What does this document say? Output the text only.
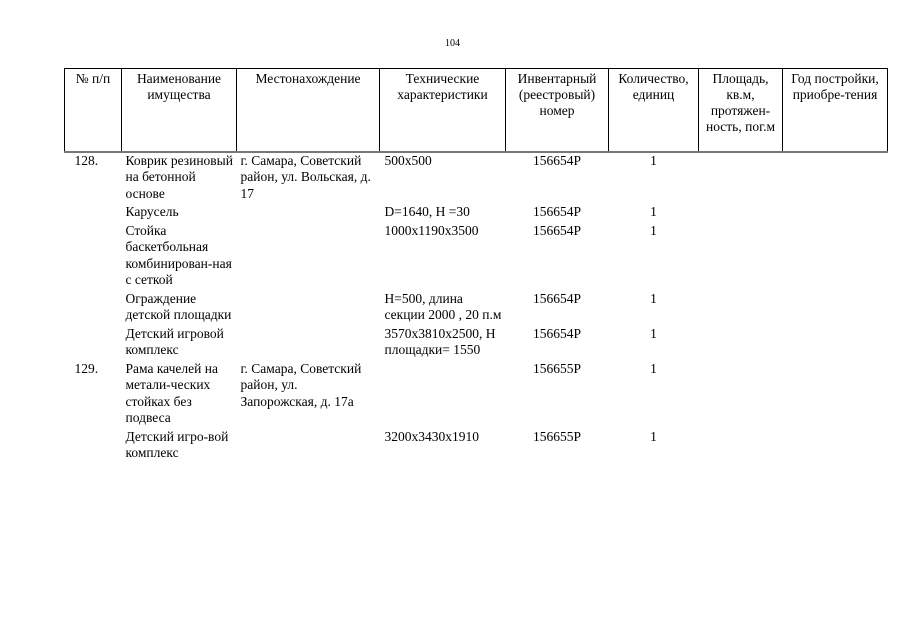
104
№ п/п	Наименование имущества	Местонахождение	Технические характеристики	Инвентарный (реестровый) номер	Количество, единиц	Площадь, кв.м, протяжен-ность, пог.м	Год постройки, приобре-тения
128.	Коврик резиновый на бетонной основе	г. Самара, Советский район, ул. Вольская, д. 17	500х500	156654Р	1		
	Карусель		D=1640, H =30	156654Р	1		
	Стойка баскетбольная комбинирован-ная с сеткой		1000х1190х3500	156654Р	1		
	Ограждение детской площадки		H=500, длина секции 2000 , 20 п.м	156654Р	1		
	Детский игровой комплекс		3570х3810х2500, H площадки= 1550	156654Р	1		
129.	Рама качелей на метали-ческих стойках без подвеса	г. Самара, Советский район, ул. Запорожская, д. 17а		156655Р	1		
	Детский игро-вой комплекс		3200х3430х1910	156655Р	1		
